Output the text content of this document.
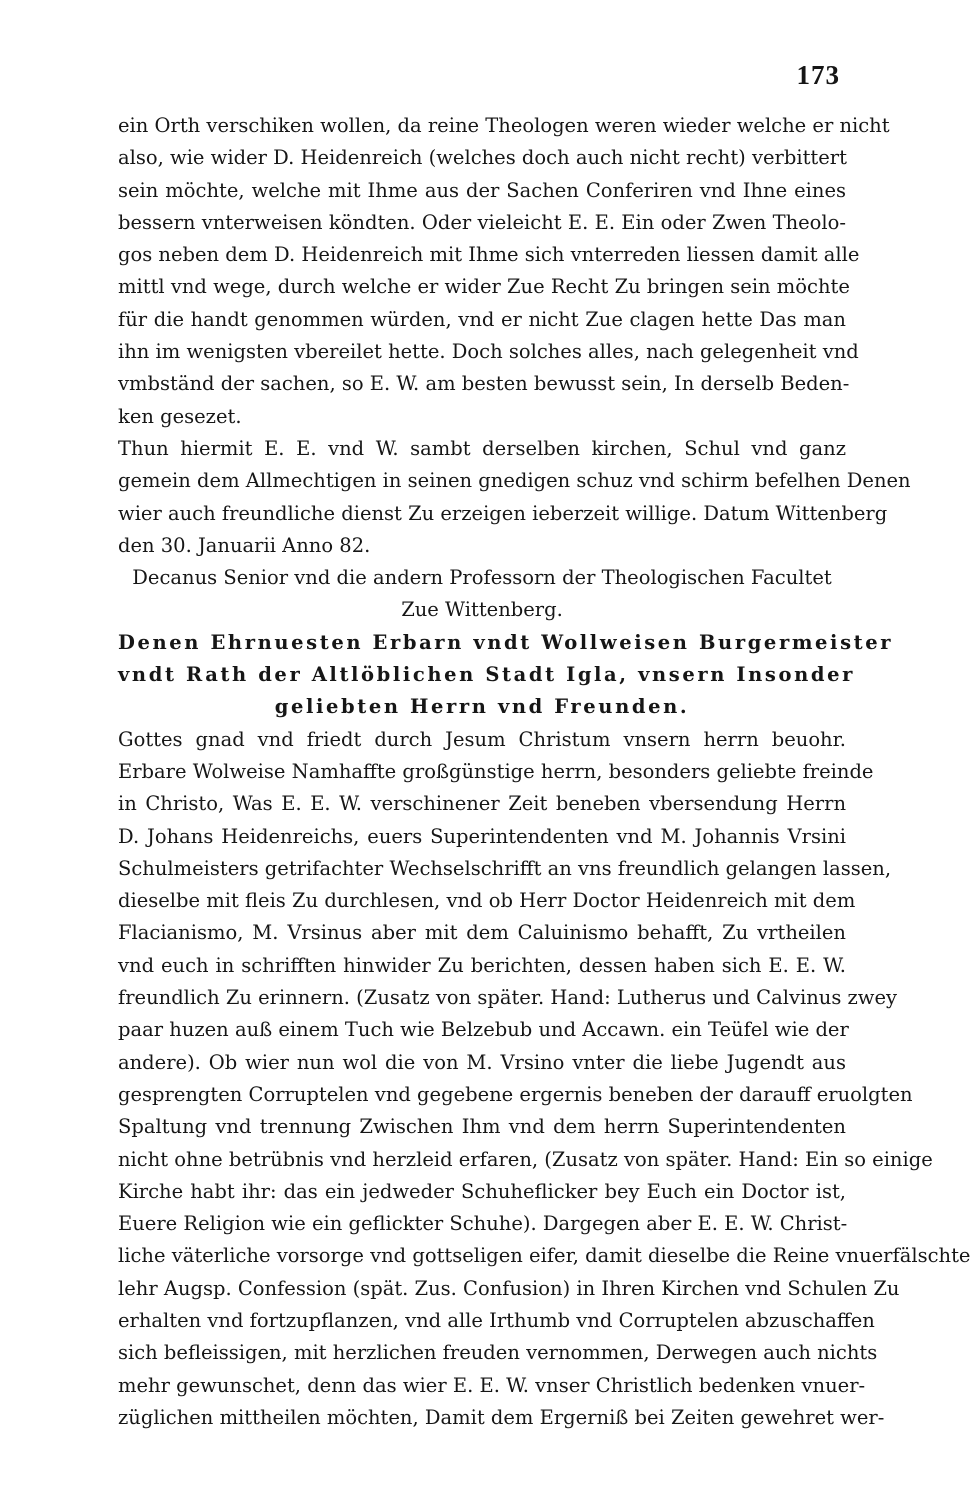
173
ein Orth verschiken wollen, da reine Theologen weren wieder welche er nicht
also, wie wider D. Heidenreich (welches doch auch nicht recht) verbittert
sein möchte, welche mit Ihme aus der Sachen Conferiren vnd Ihne eines
bessern vnterweisen köndten. Oder vieleicht E. E. Ein oder Zwen Theolo-
gos neben dem D. Heidenreich mit Ihme sich vnterreden liessen damit alle
mittl vnd wege, durch welche er wider Zue Recht Zu bringen sein möchte
für die handt genommen würden, vnd er nicht Zue clagen hette Das man
ihn im wenigsten vbereilet hette. Doch solches alles, nach gelegenheit vnd
vmbständ der sachen, so E. W. am besten bewusst sein, In derselb Beden-
ken gesezet.
Thun hiermit E. E. vnd W. sambt derselben kirchen, Schul vnd ganz
gemein dem Allmechtigen in seinen gnedigen schuz vnd schirm befelhen Denen
wier auch freundliche dienst Zu erzeigen ieberzeit willige. Datum Wittenberg
den 30. Januarii Anno 82.
Decanus Senior vnd die andern Professorn der Theologischen Facultet
Zue Wittenberg.
Denen Ehrnuesten Erbarn vndt Wollweisen Burgermeister
vndt Rath der Altlöblichen Stadt Igla, vnsern Insonder
geliebten Herrn vnd Freunden.
Gottes gnad vnd friedt durch Jesum Christum vnsern herrn beuohr.
Erbare Wolweise Namhaffte großgünstige herrn, besonders geliebte freinde
in Christo, Was E. E. W. verschinener Zeit beneben vbersendung Herrn
D. Johans Heidenreichs, euers Superintendenten vnd M. Johannis Vrsini
Schulmeisters getrifachter Wechselschrifft an vns freundlich gelangen lassen,
dieselbe mit fleis Zu durchlesen, vnd ob Herr Doctor Heidenreich mit dem
Flacianismo, M. Vrsinus aber mit dem Caluinismo behafft, Zu vrtheilen
vnd euch in schrifften hinwider Zu berichten, dessen haben sich E. E. W.
freundlich Zu erinnern. (Zusatz von später. Hand: Lutherus und Calvinus zwey
paar huzen auß einem Tuch wie Belzebub und Accawn. ein Teüfel wie der
andere). Ob wier nun wol die von M. Vrsino vnter die liebe Jugendt aus
gesprengten Corruptelen vnd gegebene ergernis beneben der darauff eruolgten
Spaltung vnd trennung Zwischen Ihm vnd dem herrn Superintendenten
nicht ohne betrübnis vnd herzleid erfaren, (Zusatz von später. Hand: Ein so einige
Kirche habt ihr: das ein jedweder Schuheflicker bey Euch ein Doctor ist,
Euere Religion wie ein geflickter Schuhe). Dargegen aber E. E. W. Christ-
liche väterliche vorsorge vnd gottseligen eifer, damit dieselbe die Reine vnuerfälschte
lehr Augsp. Confession (spät. Zus. Confusion) in Ihren Kirchen vnd Schulen Zu
erhalten vnd fortzupflanzen, vnd alle Irthumb vnd Corruptelen abzuschaffen
sich befleissigen, mit herzlichen freuden vernommen, Derwegen auch nichts
mehr gewunschet, denn das wier E. E. W. vnser Christlich bedenken vnuer-
züglichen mittheilen möchten, Damit dem Ergerniß bei Zeiten gewehret wer-
